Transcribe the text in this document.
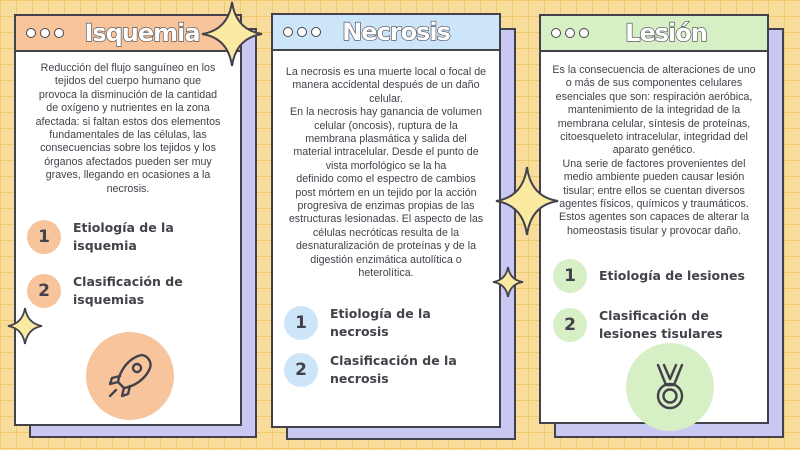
Isquemia
Reducción del flujo sanguíneo en los
tejidos del cuerpo humano que
provoca la disminución de la cantidad
de oxígeno y nutrientes en la zona
afectada: si faltan estos dos elementos
fundamentales de las células, las
consecuencias sobre los tejidos y los
órganos afectados pueden ser muy
graves, llegando en ocasiones a la
necrosis.
1	Etiología de la
isquemia
2	Clasificación de
isquemias
Necrosis
La necrosis es una muerte local o focal de
manera accidental después de un daño
celular.
En la necrosis hay ganancia de volumen
celular (oncosis), ruptura de la
membrana plasmática y salida del
material intracelular. Desde el punto de
vista morfológico se la ha
definido como el espectro de cambios
post mórtem en un tejido por la acción
progresiva de enzimas propias de las
estructuras lesionadas. El aspecto de las
células necróticas resulta de la
desnaturalización de proteínas y de la
digestión enzimática autolítica o
heterolítica.
1	Etiología de la
necrosis
2	Clasificación de la
necrosis
Lesión
Es la consecuencia de alteraciones de uno
o más de sus componentes celulares
esenciales que son: respiración aeróbica,
mantenimiento de la integridad de la
membrana celular, síntesis de proteínas,
citoesqueleto intracelular, integridad del
aparato genético.
Una serie de factores provenientes del
medio ambiente pueden causar lesión
tisular; entre ellos se cuentan diversos
agentes físicos, químicos y traumáticos.
Estos agentes son capaces de alterar la
homeostasis tisular y provocar daño.
1	Etiología de lesiones
2	Clasificación de
lesiones tisulares
